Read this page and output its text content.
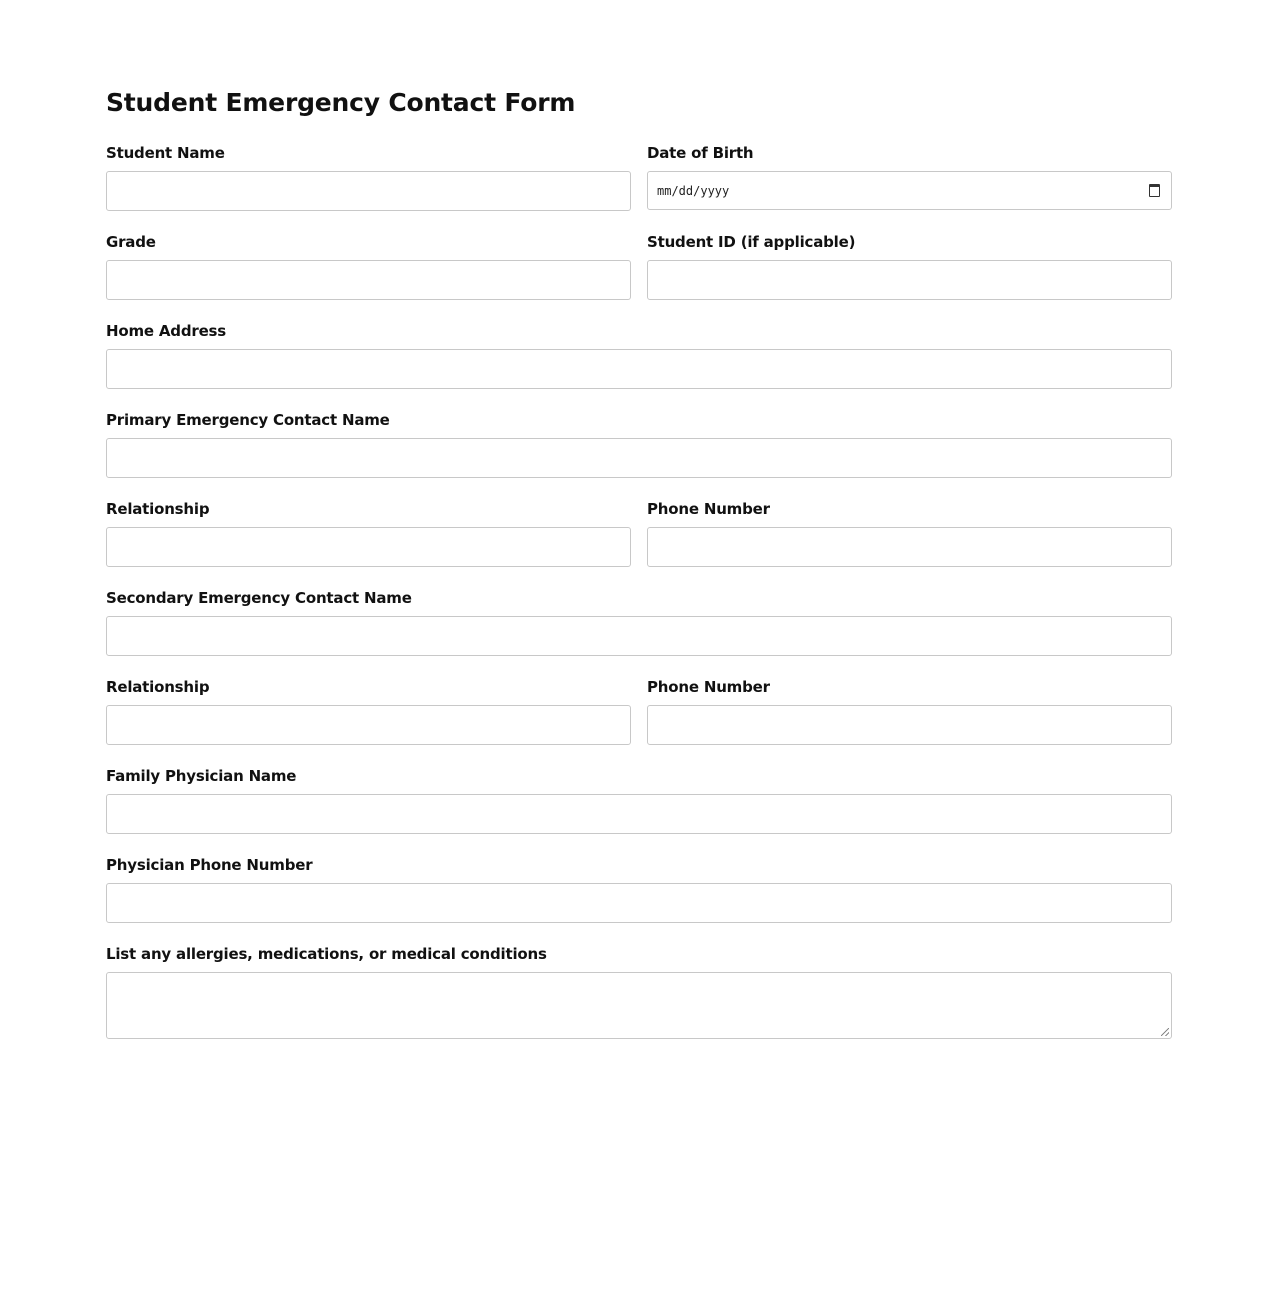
Student Emergency Contact Form
Student Name	Date of Birth
mm/dd/yyyy
Grade	Student ID (if applicable)
Home Address
Primary Emergency Contact Name
Relationship	Phone Number
Secondary Emergency Contact Name
Relationship	Phone Number
Family Physician Name
Physician Phone Number
List any allergies, medications, or medical conditions
